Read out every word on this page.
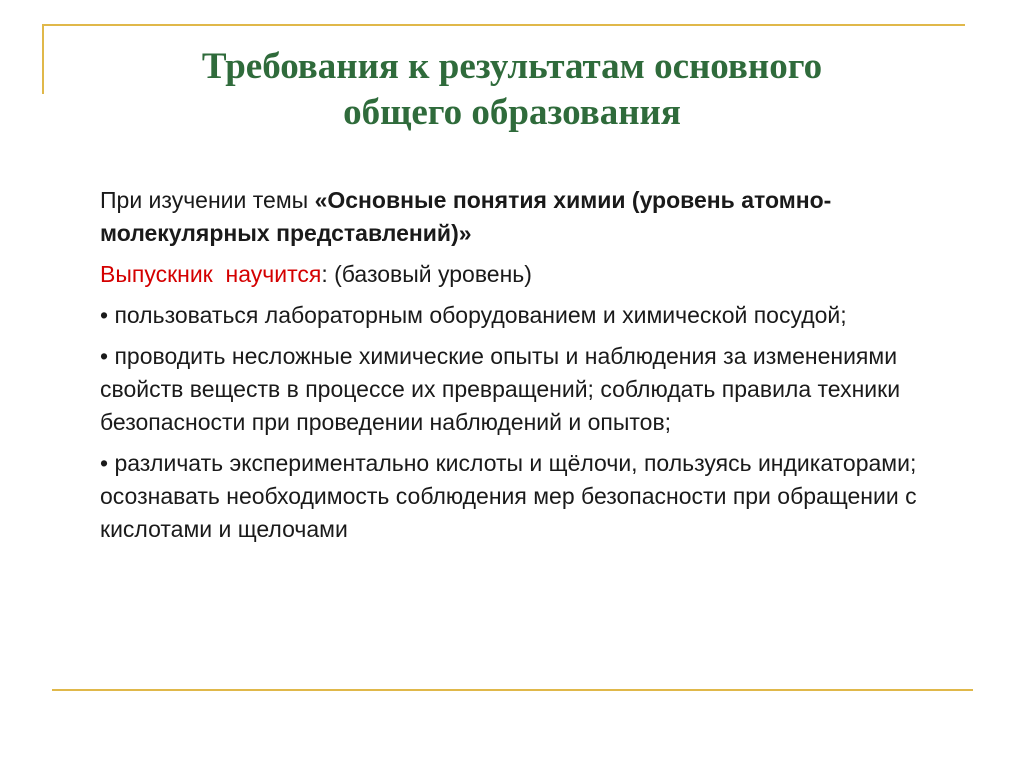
Требования к результатам основного
общего образования

При изучении темы «Основные понятия химии (уровень атомно-молекулярных представлений)»

Выпускник  научится: (базовый уровень)

• пользоваться лабораторным оборудованием и химической посудой;

• проводить несложные химические опыты и наблюдения за изменениями свойств веществ в процессе их превращений; соблюдать правила техники безопасности при проведении наблюдений и опытов;

• различать экспериментально кислоты и щёлочи, пользуясь индикаторами; осознавать необходимость соблюдения мер безопасности при обращении с кислотами и щелочами
